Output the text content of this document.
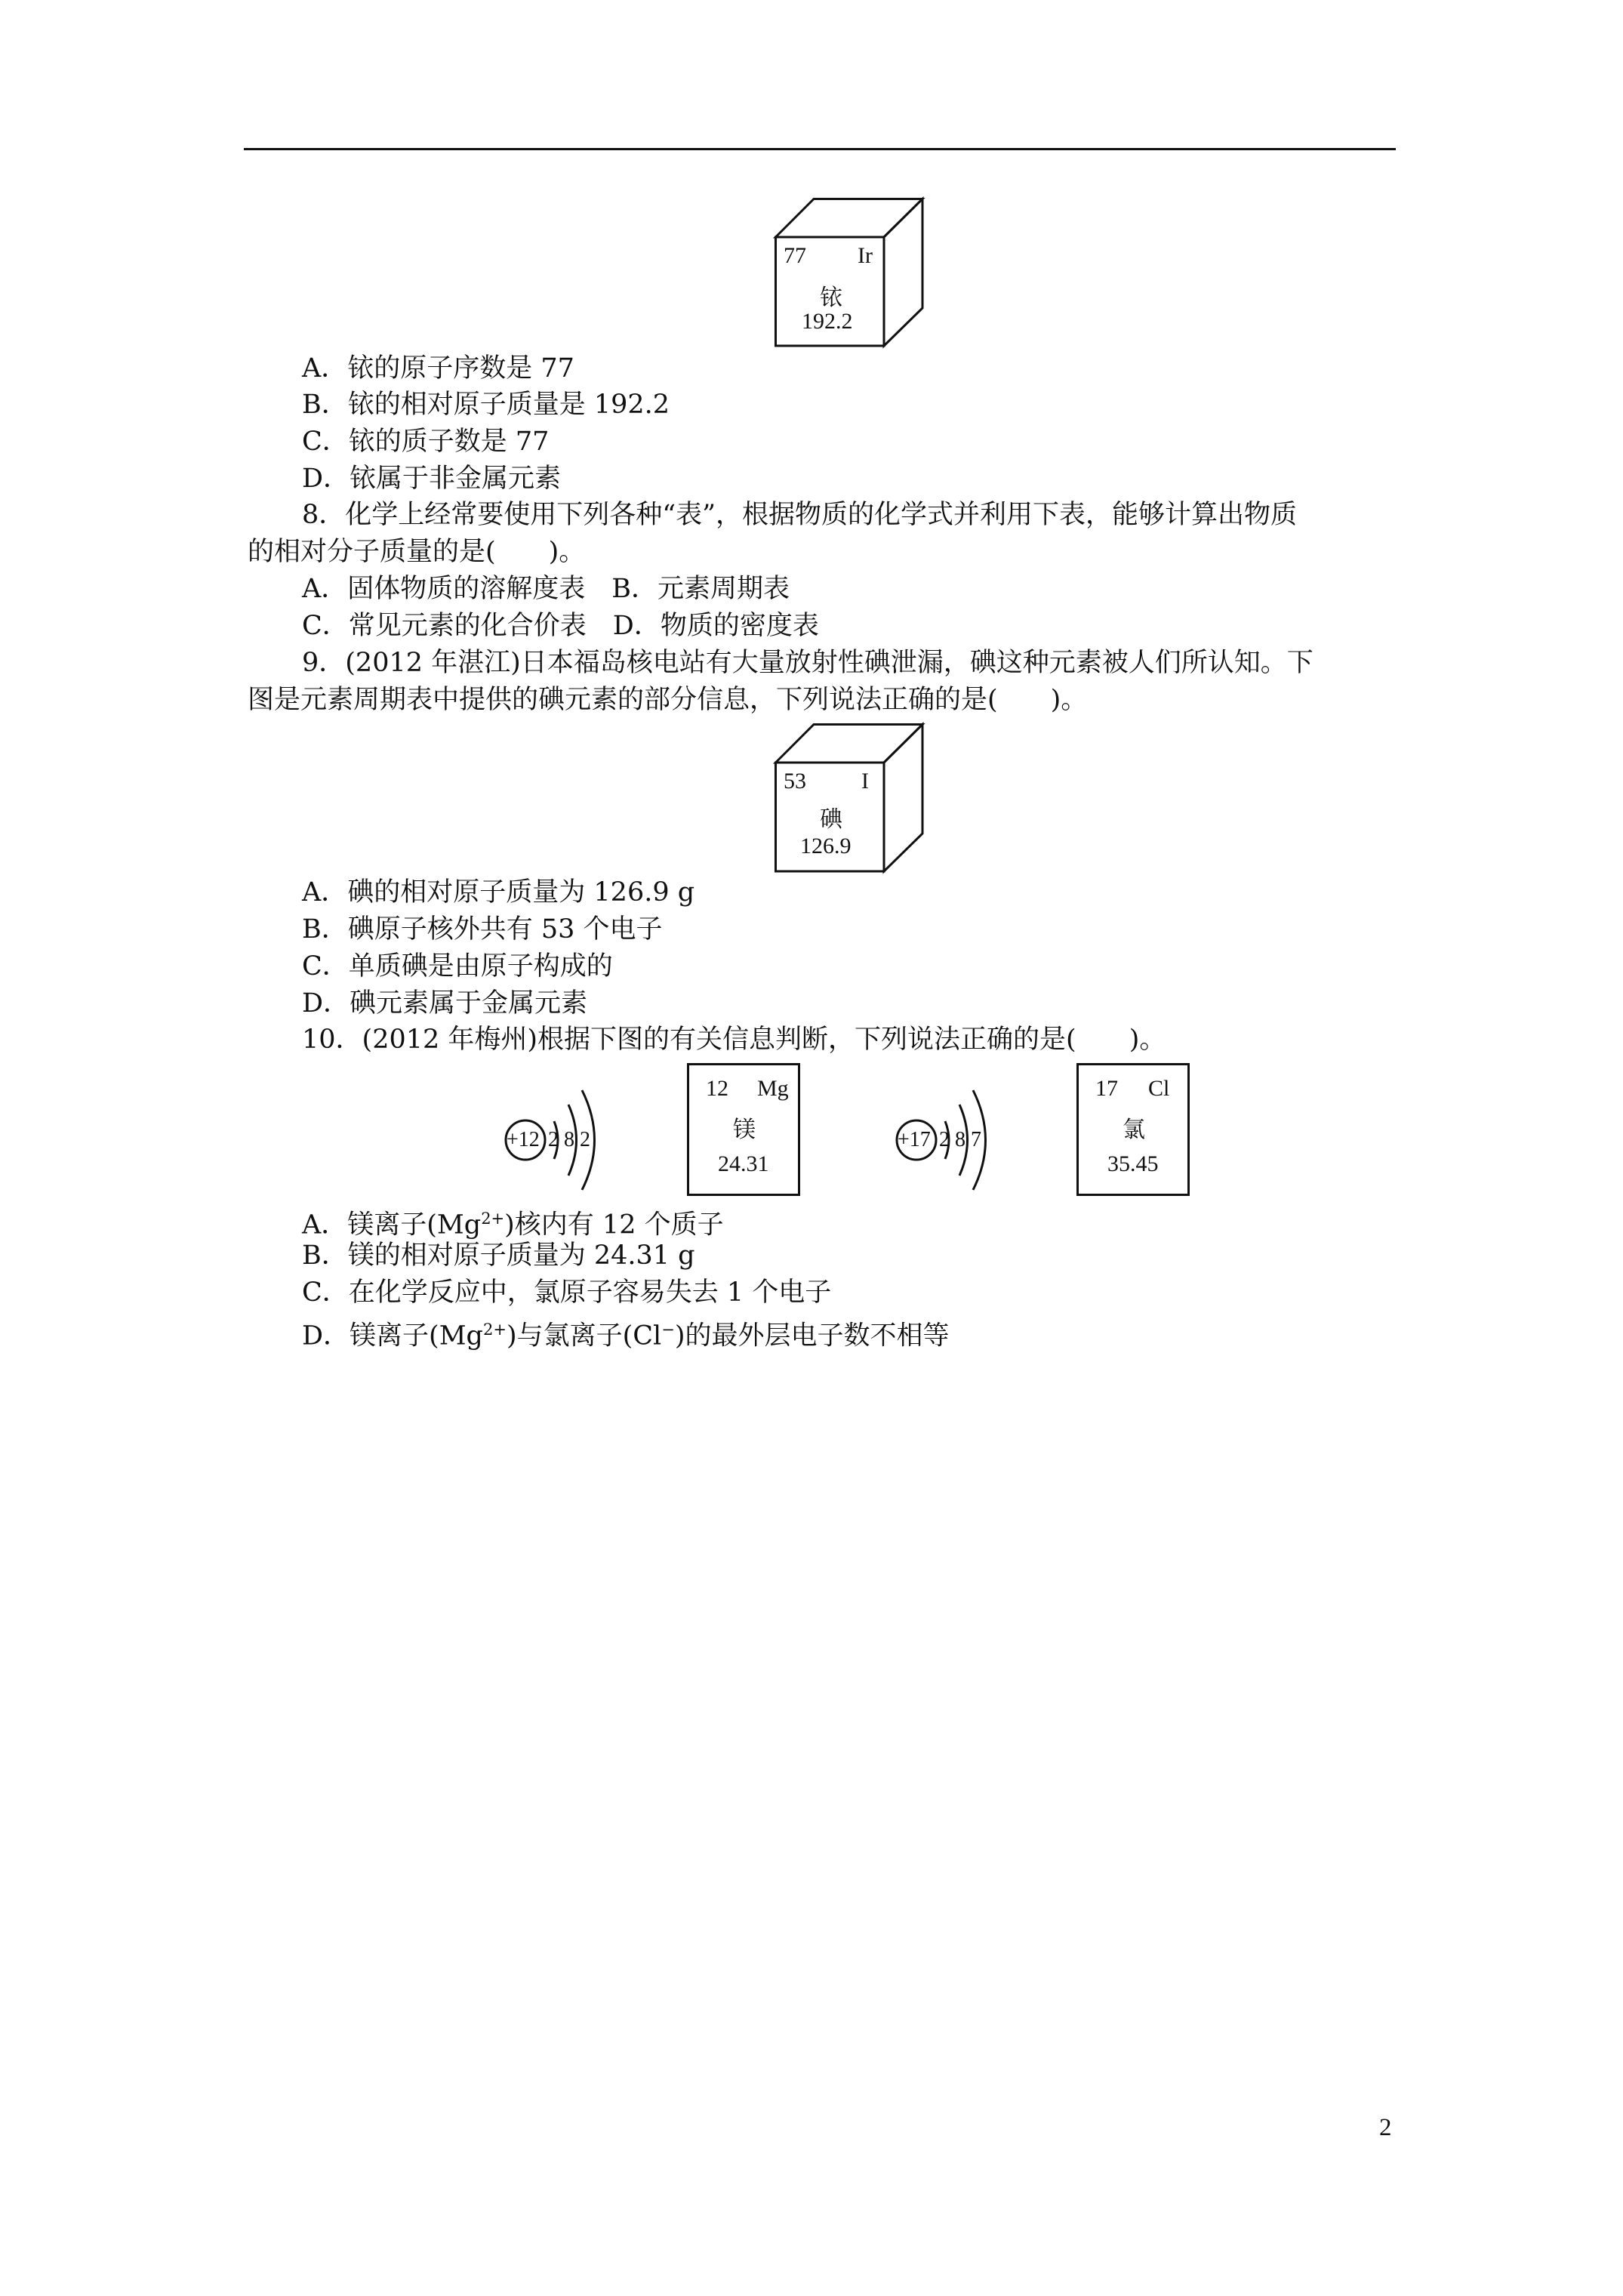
77 Ir
铱
192.2
A．铱的原子序数是 77
B．铱的相对原子质量是 192.2
C．铱的质子数是 77
D．铱属于非金属元素
8．化学上经常要使用下列各种“表”，根据物质的化学式并利用下表，能够计算出物质
的相对分子质量的是(　　)。
A．固体物质的溶解度表　B．元素周期表
C．常见元素的化合价表　D．物质的密度表
9．(2012 年湛江)日本福岛核电站有大量放射性碘泄漏，碘这种元素被人们所认知。下
图是元素周期表中提供的碘元素的部分信息，下列说法正确的是(　　)。
53 I
碘
126.9
A．碘的相对原子质量为 126.9 g
B．碘原子核外共有 53 个电子
C．单质碘是由原子构成的
D．碘元素属于金属元素
10．(2012 年梅州)根据下图的有关信息判断，下列说法正确的是(　　)。
+12 2 8 2
12 Mg
镁
24.31
+17 2 8 7
17 Cl
氯
35.45
A．镁离子$(Mg^{2+})$核内有 12 个质子
B．镁的相对原子质量为 24.31 g
C．在化学反应中，氯原子容易失去 1 个电子
D．镁离子$(Mg^{2+})$与氯离子(Cl−)的最外层电子数不相等
2
